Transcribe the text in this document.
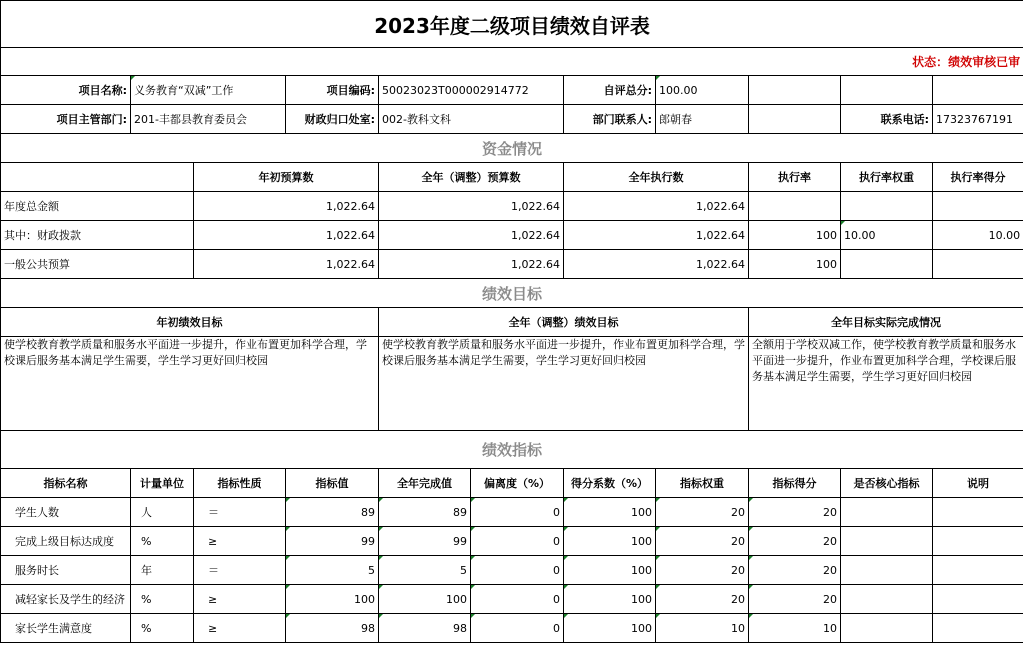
2023年度二级项目绩效自评表										
状态：绩效审核已审										
项目名称:	义务教育“双减”工作		项目编码:	50023023T000002914772		自评总分:	100.00			
项目主管部门:	201-丰都县教育委员会		财政归口处室:	002-教科文科		部门联系人:	郎朝春		联系电话:	17323767191
资金情况										
		年初预算数		全年（调整）预算数		全年执行数		执行率	执行率权重	执行率得分
年度总金额		1,022.64		1,022.64		1,022.64				
其中：财政拨款		1,022.64		1,022.64		1,022.64		100	10.00	10.00
一般公共预算		1,022.64		1,022.64		1,022.64		100		
绩效目标										
年初绩效目标				全年（调整）绩效目标				全年目标实际完成情况		
使学校教育教学质量和服务水平面进一步提升，作业布置更加科学合理，学校课后服务基本满足学生需要，学生学习更好回归校园				使学校教育教学质量和服务水平面进一步提升，作业布置更加科学合理，学校课后服务基本满足学生需要，学生学习更好回归校园				全额用于学校双减工作，使学校教育教学质量和服务水平面进一步提升，作业布置更加科学合理，学校课后服务基本满足学生需要，学生学习更好回归校园		
绩效指标										
指标名称	计量单位	指标性质	指标值	全年完成值	偏离度（%）	得分系数（%）	指标权重	指标得分	是否核心指标	说明
学生人数	人	＝	89	89	0	100	20	20		
完成上级目标达成度	%	≥	99	99	0	100	20	20		
服务时长	年	＝	5	5	0	100	20	20		
减轻家长及学生的经济	%	≥	100	100	0	100	20	20		
家长学生满意度	%	≥	98	98	0	100	10	10		
